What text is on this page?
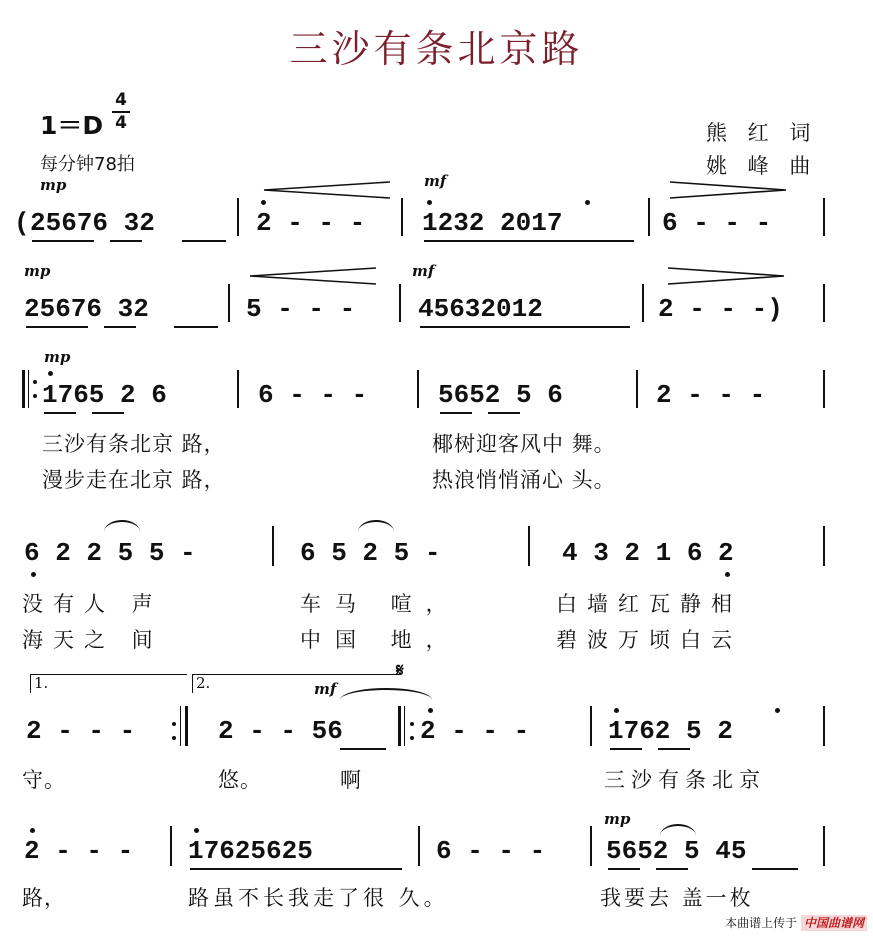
三沙有条北京路
1＝D
4
4
每分钟78拍
熊 红 词
姚 峰 曲
mp	mf
( 25676 32	2 - - - 1232 2017	6 - - -
mp	mf
25676 32	5 - - - 45632012	2 - - -)
mp
1765 2 6	6 - - -	5652 5 6	2 - - -
三沙有条北京 路，	椰树迎客风中 舞。
漫步走在北京 路，	热浪悄悄涌心 头。
6 2 2 5 5 -	6 5 2 5 -	4 3 2 1 6 2
没有人 声	车马 喧，	白墙红瓦静相
海天之 间	中国 地，	碧波万顷白云
1.	2.	mf
𝄋
2 - - -	2 - - 56	2 - - -	1762 5 2
守。	悠。	啊	三沙有条北京
mp
2 - - - 17625625	6 - - - 5652 5 45
路，	路虽不长我走了很 久。	我要去 盖一枚
本曲谱上传于 中国曲谱网
